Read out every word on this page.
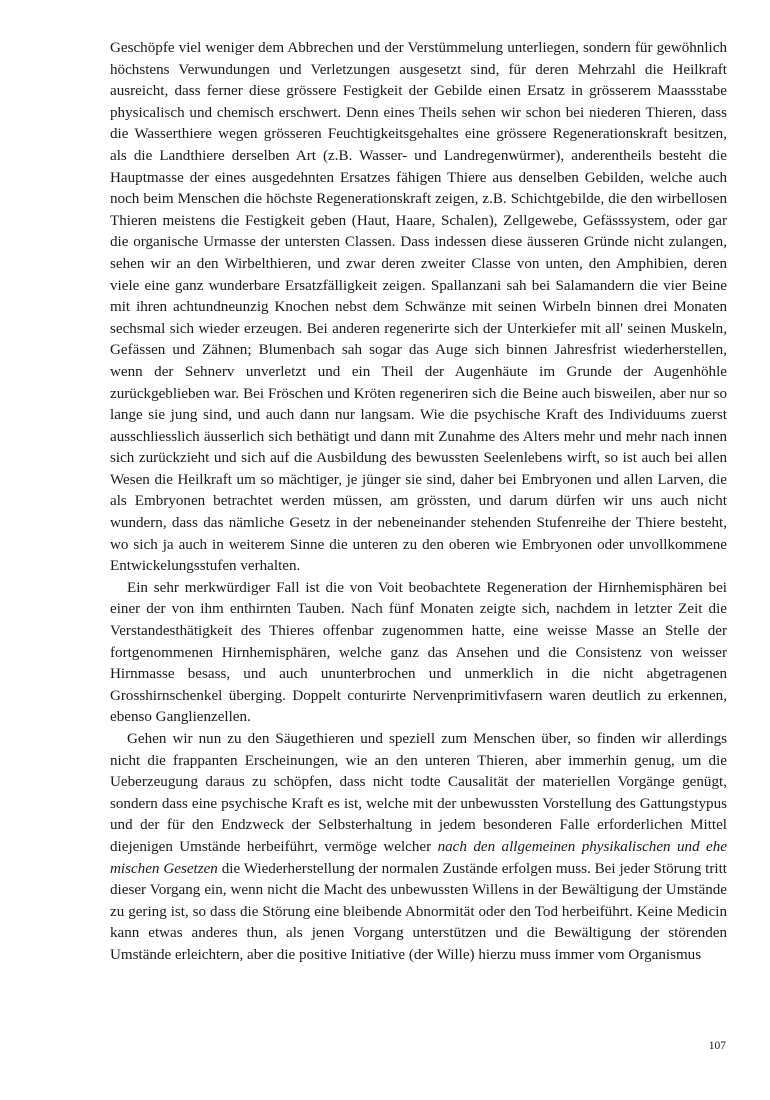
Geschöpfe viel weniger dem Abbrechen und der Verstümmelung unterliegen, sondern für gewöhnlich höchstens Verwundungen und Verletzungen ausgesetzt sind, für deren Mehrzahl die Heilkraft ausreicht, dass ferner diese grössere Festigkeit der Gebilde einen Ersatz in grösserem Maassstabe physicalisch und chemisch erschwert. Denn eines Theils sehen wir schon bei niederen Thieren, dass die Wasserthiere wegen grösseren Feuchtigkeitsgehaltes eine grössere Regenerationskraft besitzen, als die Landthiere derselben Art (z.B. Wasser- und Landregenwürmer), anderentheils besteht die Hauptmasse der eines ausgedehnten Ersatzes fähigen Thiere aus denselben Gebilden, welche auch noch beim Menschen die höchste Regenerationskraft zeigen, z.B. Schichtgebilde, die den wirbellosen Thieren meistens die Festigkeit geben (Haut, Haare, Schalen), Zellgewebe, Gefässsystem, oder gar die organische Urmasse der untersten Classen. Dass indessen diese äusseren Gründe nicht zulangen, sehen wir an den Wirbelthieren, und zwar deren zweiter Classe von unten, den Amphibien, deren viele eine ganz wunderbare Ersatzfälligkeit zeigen. Spallanzani sah bei Salamandern die vier Beine mit ihren achtundneunzig Knochen nebst dem Schwänze mit seinen Wirbeln binnen drei Monaten sechsmal sich wieder erzeugen. Bei anderen regenerirte sich der Unterkiefer mit all' seinen Muskeln, Gefässen und Zähnen; Blumenbach sah sogar das Auge sich binnen Jahresfrist wiederherstellen, wenn der Sehnerv unverletzt und ein Theil der Augenhäute im Grunde der Augenhöhle zurückgeblieben war. Bei Fröschen und Kröten regeneriren sich die Beine auch bisweilen, aber nur so lange sie jung sind, und auch dann nur langsam. Wie die psychische Kraft des Individuums zuerst ausschliesslich äusserlich sich bethätigt und dann mit Zunahme des Alters mehr und mehr nach innen sich zurückzieht und sich auf die Ausbildung des bewussten Seelenlebens wirft, so ist auch bei allen Wesen die Heilkraft um so mächtiger, je jünger sie sind, daher bei Embryonen und allen Larven, die als Embryonen betrachtet werden müssen, am grössten, und darum dürfen wir uns auch nicht wundern, dass das nämliche Gesetz in der nebeneinander stehenden Stufenreihe der Thiere besteht, wo sich ja auch in weiterem Sinne die unteren zu den oberen wie Embryonen oder unvollkommene Entwickelungsstufen verhalten.

Ein sehr merkwürdiger Fall ist die von Voit beobachtete Regeneration der Hirnhemisphären bei einer der von ihm enthirnten Tauben. Nach fünf Monaten zeigte sich, nachdem in letzter Zeit die Verstandesthätigkeit des Thieres offenbar zugenommen hatte, eine weisse Masse an Stelle der fortgenommenen Hirnhemisphären, welche ganz das Ansehen und die Consistenz von weisser Hirnmasse besass, und auch ununterbrochen und unmerklich in die nicht abgetragenen Grosshirnschenkel überging. Doppelt conturirte Nervenprimitivfasern waren deutlich zu erkennen, ebenso Ganglienzellen.

Gehen wir nun zu den Säugethieren und speziell zum Menschen über, so finden wir allerdings nicht die frappanten Erscheinungen, wie an den unteren Thieren, aber immerhin genug, um die Ueberzeugung daraus zu schöpfen, dass nicht todte Causalität der materiellen Vorgänge genügt, sondern dass eine psychische Kraft es ist, welche mit der unbewussten Vorstellung des Gattungstypus und der für den Endzweck der Selbsterhaltung in jedem besonderen Falle erforderlichen Mittel diejenigen Umstände herbeiführt, vermöge welcher nach den allgemeinen physikalischen und ehe mischen Gesetzen die Wiederherstellung der normalen Zustände erfolgen muss. Bei jeder Störung tritt dieser Vorgang ein, wenn nicht die Macht des unbewussten Willens in der Bewältigung der Umstände zu gering ist, so dass die Störung eine bleibende Abnormität oder den Tod herbeiführt. Keine Medicin kann etwas anderes thun, als jenen Vorgang unterstützen und die Bewältigung der störenden Umstände erleichtern, aber die positive Initiative (der Wille) hierzu muss immer vom Organismus

107
